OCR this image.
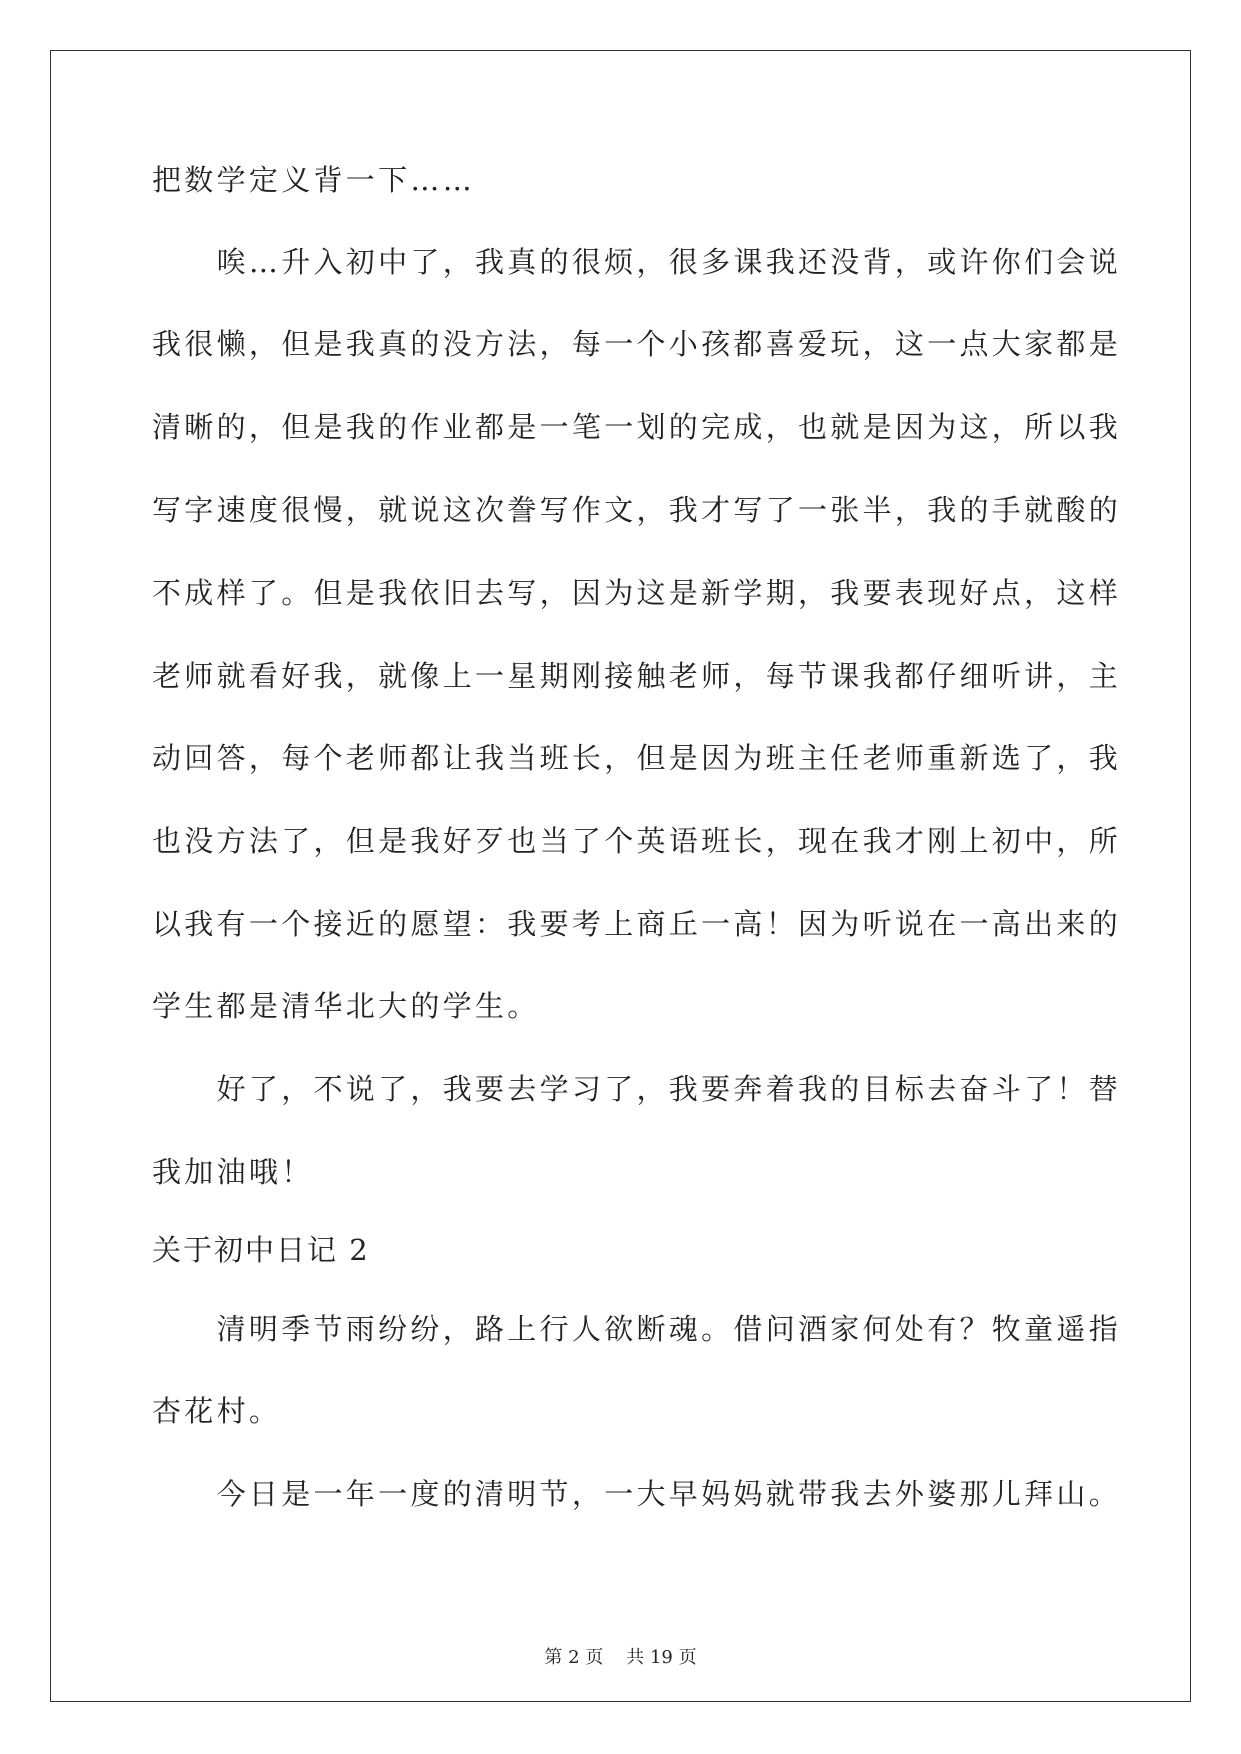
把数学定义背一下……
　　唉…升入初中了，我真的很烦，很多课我还没背，或许你们会说
我很懒，但是我真的没方法，每一个小孩都喜爱玩，这一点大家都是
清晰的，但是我的作业都是一笔一划的完成，也就是因为这，所以我
写字速度很慢，就说这次誊写作文，我才写了一张半，我的手就酸的
不成样了。但是我依旧去写，因为这是新学期，我要表现好点，这样
老师就看好我，就像上一星期刚接触老师，每节课我都仔细听讲，主
动回答，每个老师都让我当班长，但是因为班主任老师重新选了，我
也没方法了，但是我好歹也当了个英语班长，现在我才刚上初中，所
以我有一个接近的愿望：我要考上商丘一高！因为听说在一高出来的
学生都是清华北大的学生。
　　好了，不说了，我要去学习了，我要奔着我的目标去奋斗了！替
我加油哦！
关于初中日记 2
　　清明季节雨纷纷，路上行人欲断魂。借问酒家何处有？牧童遥指
杏花村。
　　今日是一年一度的清明节，一大早妈妈就带我去外婆那儿拜山。
第 2 页 共 19 页
